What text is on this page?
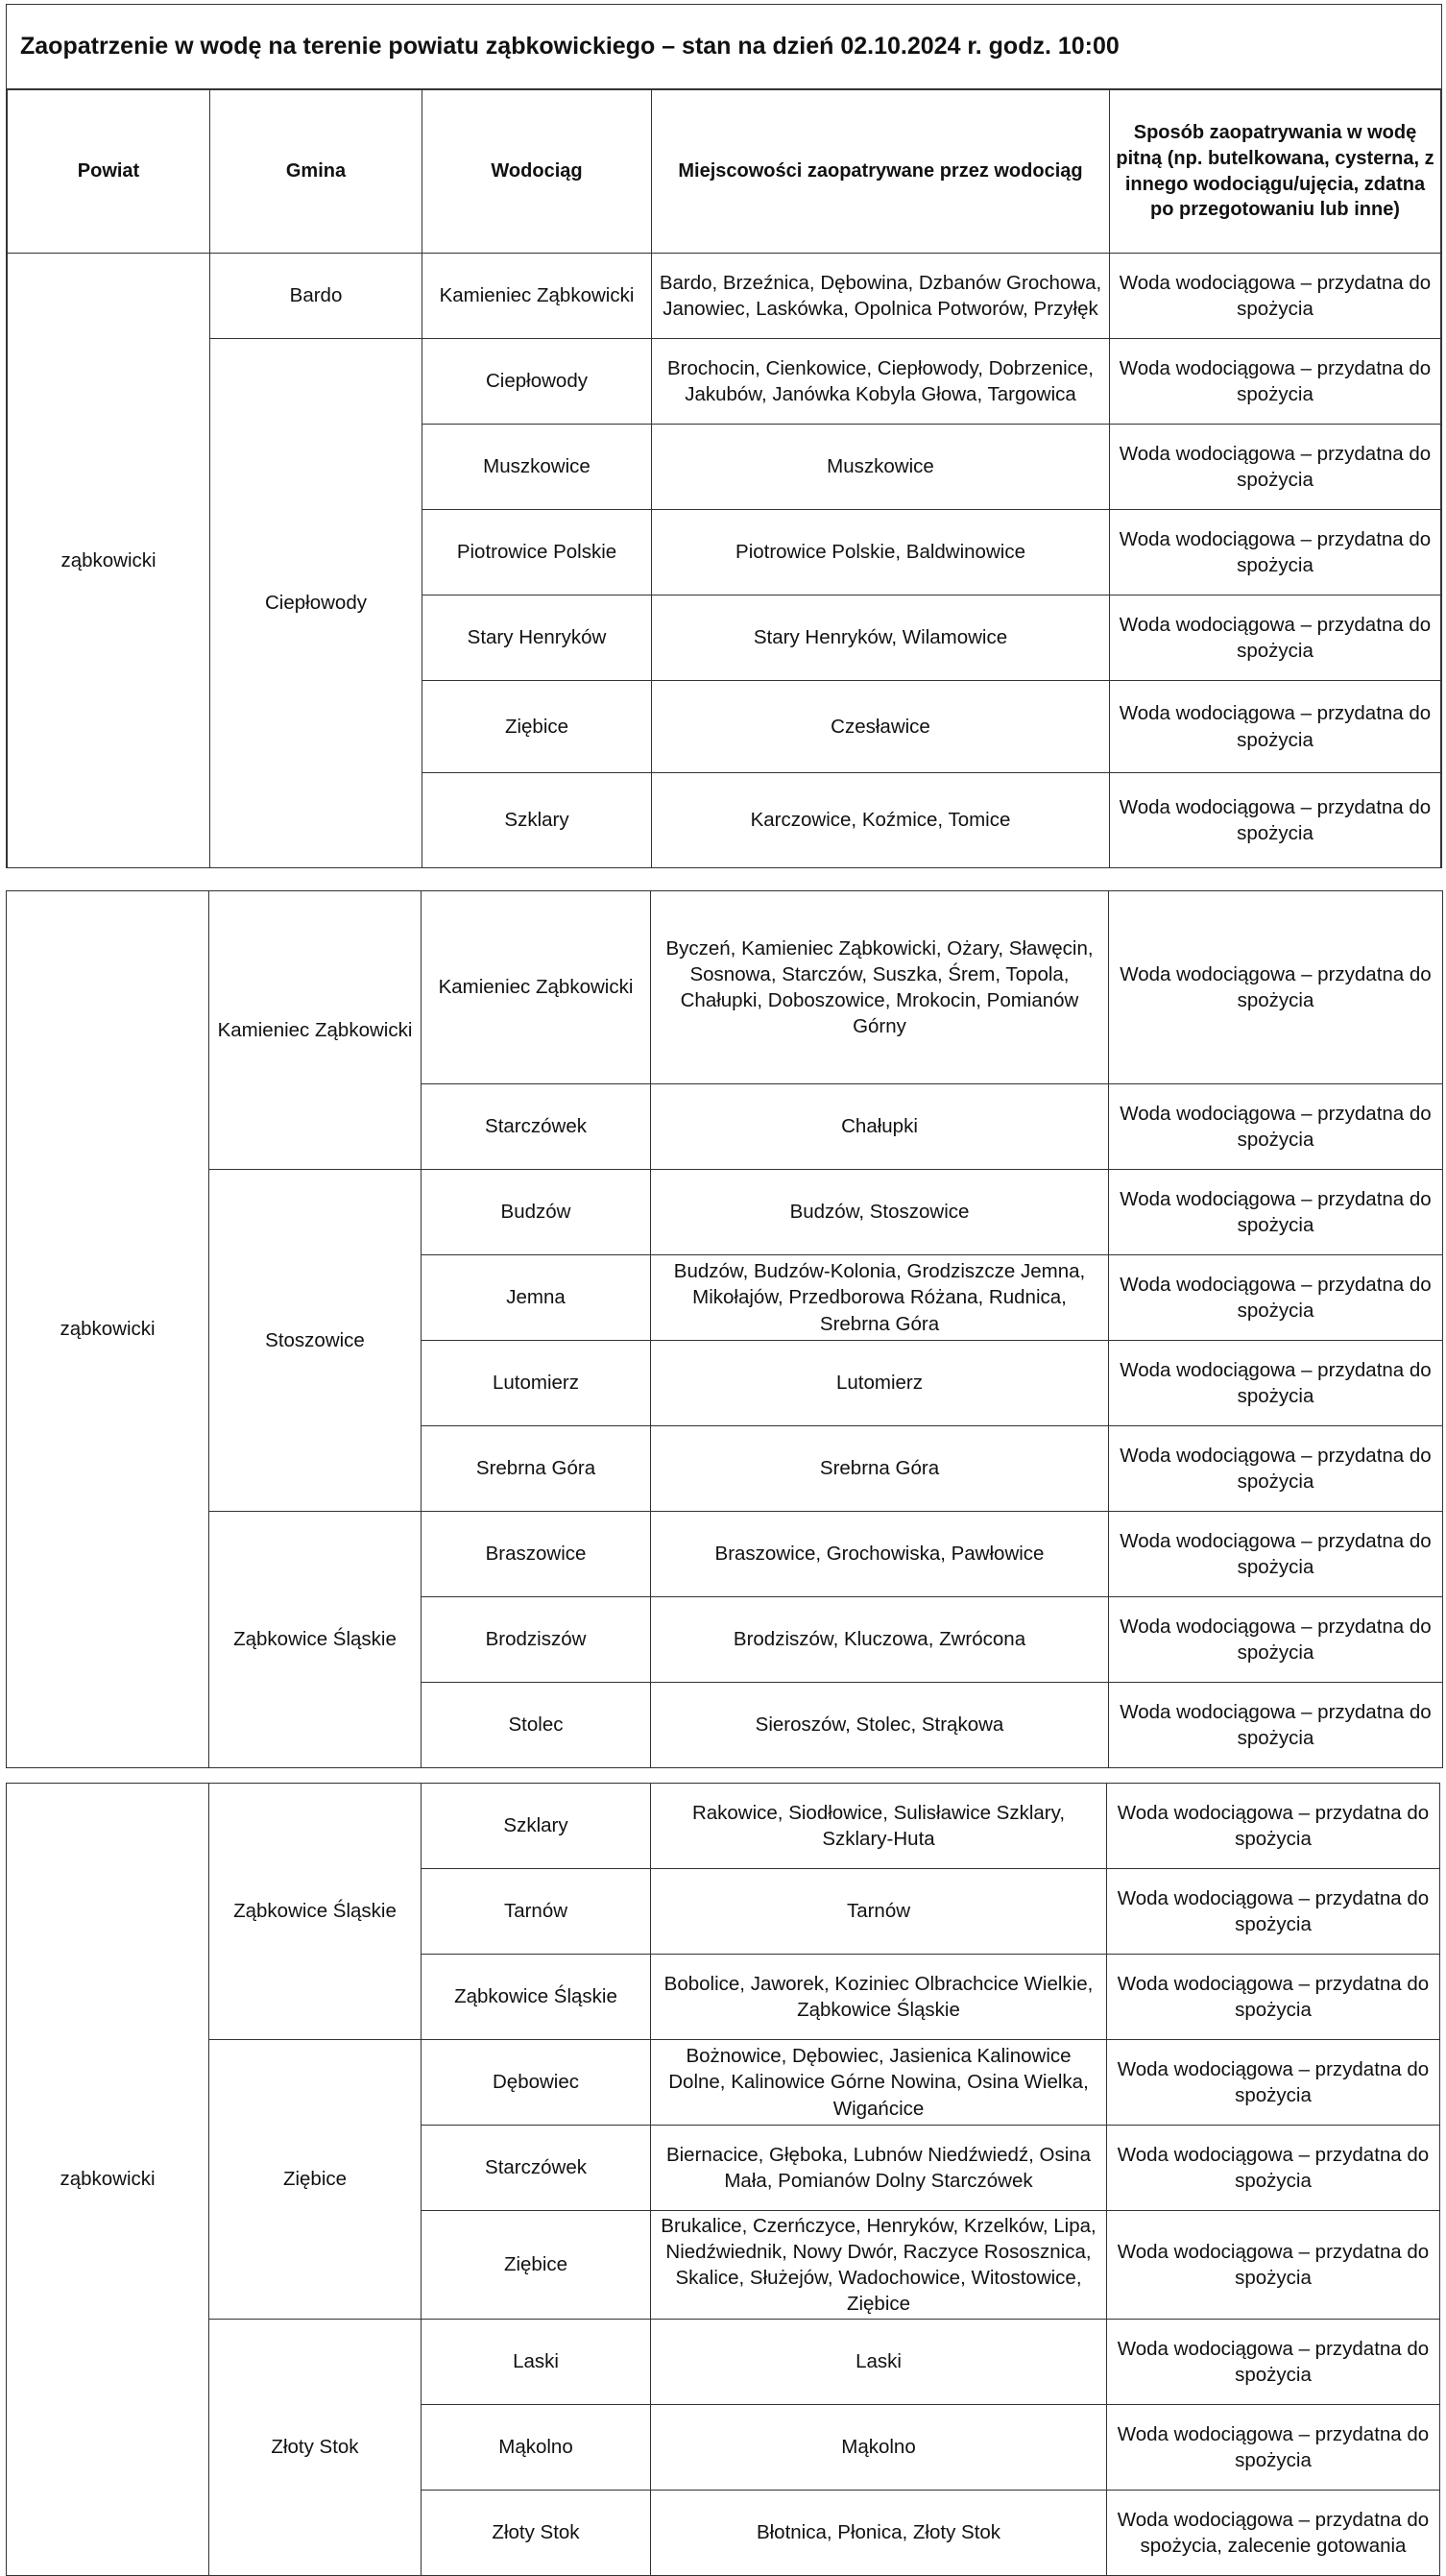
Zaopatrzenie w wodę na terenie powiatu ząbkowickiego – stan na dzień 02.10.2024 r. godz. 10:00
Powiat	Gmina	Wodociąg	Miejscowości zaopatrywane przez wodociąg	Sposób zaopatrywania w wodę pitną (np. butelkowana, cysterna, z innego wodociągu/ujęcia, zdatna po przegotowaniu lub inne)
ząbkowicki	Bardo	Kamieniec Ząbkowicki	Bardo, Brzeźnica, Dębowina, Dzbanów Grochowa, Janowiec, Laskówka, Opolnica Potworów, Przyłęk	Woda wodociągowa – przydatna do spożycia
	Ciepłowody	Ciepłowody	Brochocin, Cienkowice, Ciepłowody, Dobrzenice, Jakubów, Janówka Kobyla Głowa, Targowica	Woda wodociągowa – przydatna do spożycia
		Muszkowice	Muszkowice	Woda wodociągowa – przydatna do spożycia
		Piotrowice Polskie	Piotrowice Polskie, Baldwinowice	Woda wodociągowa – przydatna do spożycia
		Stary Henryków	Stary Henryków, Wilamowice	Woda wodociągowa – przydatna do spożycia
		Ziębice	Czesławice	Woda wodociągowa – przydatna do spożycia
		Szklary	Karczowice, Koźmice, Tomice	Woda wodociągowa – przydatna do spożycia
ząbkowicki	Kamieniec Ząbkowicki	Kamieniec Ząbkowicki	Byczeń, Kamieniec Ząbkowicki, Ożary, Sławęcin, Sosnowa, Starczów, Suszka, Śrem, Topola, Chałupki, Doboszowice, Mrokocin, Pomianów Górny	Woda wodociągowa – przydatna do spożycia
		Starczówek	Chałupki	Woda wodociągowa – przydatna do spożycia
	Stoszowice	Budzów	Budzów, Stoszowice	Woda wodociągowa – przydatna do spożycia
		Jemna	Budzów, Budzów-Kolonia, Grodziszcze Jemna, Mikołajów, Przedborowa Różana, Rudnica, Srebrna Góra	Woda wodociągowa – przydatna do spożycia
		Lutomierz	Lutomierz	Woda wodociągowa – przydatna do spożycia
		Srebrna Góra	Srebrna Góra	Woda wodociągowa – przydatna do spożycia
	Ząbkowice Śląskie	Braszowice	Braszowice, Grochowiska, Pawłowice	Woda wodociągowa – przydatna do spożycia
		Brodziszów	Brodziszów, Kluczowa, Zwrócona	Woda wodociągowa – przydatna do spożycia
		Stolec	Sieroszów, Stolec, Strąkowa	Woda wodociągowa – przydatna do spożycia
ząbkowicki	Ząbkowice Śląskie	Szklary	Rakowice, Siodłowice, Sulisławice Szklary, Szklary-Huta	Woda wodociągowa – przydatna do spożycia
		Tarnów	Tarnów	Woda wodociągowa – przydatna do spożycia
		Ząbkowice Śląskie	Bobolice, Jaworek, Koziniec Olbrachcice Wielkie, Ząbkowice Śląskie	Woda wodociągowa – przydatna do spożycia
	Ziębice	Dębowiec	Bożnowice, Dębowiec, Jasienica Kalinowice Dolne, Kalinowice Górne Nowina, Osina Wielka, Wigańcice	Woda wodociągowa – przydatna do spożycia
		Starczówek	Biernacice, Głęboka, Lubnów Niedźwiedź, Osina Mała, Pomianów Dolny Starczówek	Woda wodociągowa – przydatna do spożycia
		Ziębice	Brukalice, Czerńczyce, Henryków, Krzelków, Lipa, Niedźwiednik, Nowy Dwór, Raczyce Rososznica, Skalice, Służejów, Wadochowice, Witostowice, Ziębice	Woda wodociągowa – przydatna do spożycia
	Złoty Stok	Laski	Laski	Woda wodociągowa – przydatna do spożycia
		Mąkolno	Mąkolno	Woda wodociągowa – przydatna do spożycia
		Złoty Stok	Błotnica, Płonica, Złoty Stok	Woda wodociągowa – przydatna do spożycia, zalecenie gotowania
